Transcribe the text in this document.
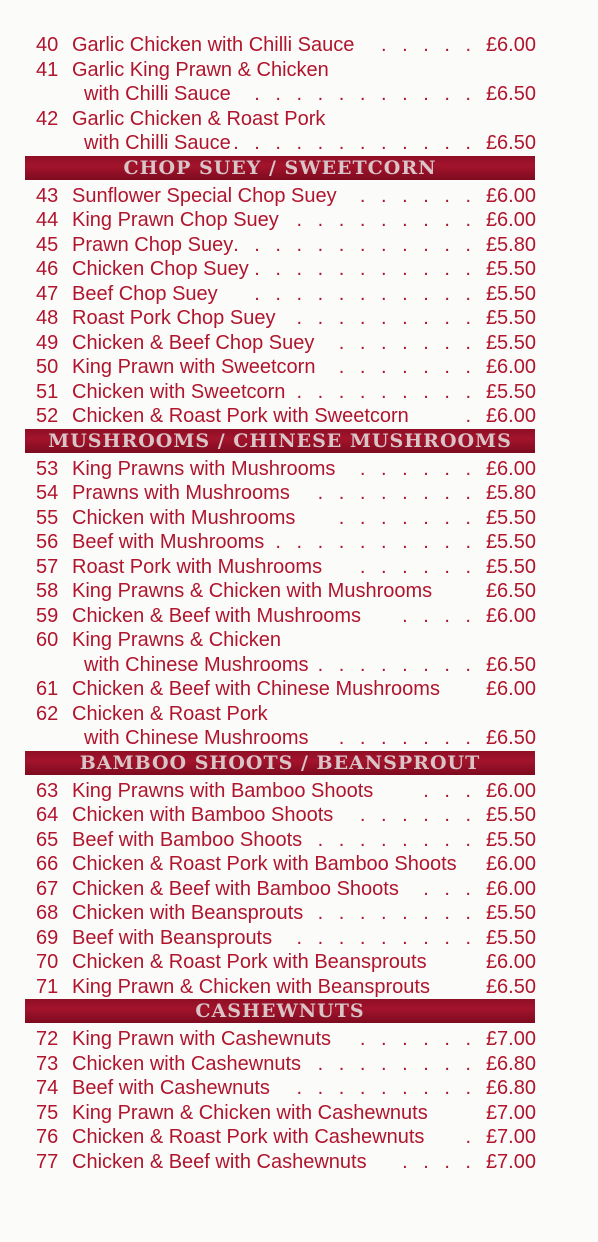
40 Garlic Chicken with Chilli Sauce . . . . . £6.00
41 Garlic King Prawn & Chicken
with Chilli Sauce . . . . . . . . . . . £6.50
42 Garlic Chicken & Roast Pork
with Chilli Sauce . . . . . . . . . . . . £6.50
CHOP SUEY / SWEETCORN
43 Sunflower Special Chop Suey . . . . . . £6.00
44 King Prawn Chop Suey . . . . . . . . . £6.00
45 Prawn Chop Suey . . . . . . . . . . . . £5.80
46 Chicken Chop Suey . . . . . . . . . . . £5.50
47 Beef Chop Suey . . . . . . . . . . . £5.50
48 Roast Pork Chop Suey . . . . . . . . . £5.50
49 Chicken & Beef Chop Suey . . . . . . . £5.50
50 King Prawn with Sweetcorn . . . . . . . £6.00
51 Chicken with Sweetcorn . . . . . . . . . £5.50
52 Chicken & Roast Pork with Sweetcorn	. £6.00
MUSHROOMS / CHINESE MUSHROOMS
53 King Prawns with Mushrooms . . . . . . £6.00
54 Prawns with Mushrooms . . . . . . . . £5.80
55 Chicken with Mushrooms . . . . . . . £5.50
56 Beef with Mushrooms . . . . . . . . . . £5.50
57 Roast Pork with Mushrooms . . . . . . £5.50
58 King Prawns & Chicken with Mushrooms	£6.50
59 Chicken & Beef with Mushrooms . . . . £6.00
60 King Prawns & Chicken
with Chinese Mushrooms . . . . . . . . £6.50
61 Chicken & Beef with Chinese Mushrooms £6.00
62 Chicken & Roast Pork
with Chinese Mushrooms . . . . . . . £6.50
BAMBOO SHOOTS / BEANSPROUT
63 King Prawns with Bamboo Shoots . . . £6.00
64 Chicken with Bamboo Shoots . . . . . . £5.50
65 Beef with Bamboo Shoots . . . . . . . . £5.50
66 Chicken & Roast Pork with Bamboo Shoots £6.00
67 Chicken & Beef with Bamboo Shoots . . . £6.00
68 Chicken with Beansprouts . . . . . . . . £5.50
69 Beef with Beansprouts . . . . . . . . . £5.50
70 Chicken & Roast Pork with Beansprouts	£6.00
71 King Prawn & Chicken with Beansprouts	£6.50
CASHEWNUTS
72 King Prawn with Cashewnuts . . . . . . £7.00
73 Chicken with Cashewnuts . . . . . . . . £6.80
74 Beef with Cashewnuts . . . . . . . . . £6.80
75 King Prawn & Chicken with Cashewnuts	£7.00
76 Chicken & Roast Pork with Cashewnuts . £7.00
77 Chicken & Beef with Cashewnuts . . . . £7.00
